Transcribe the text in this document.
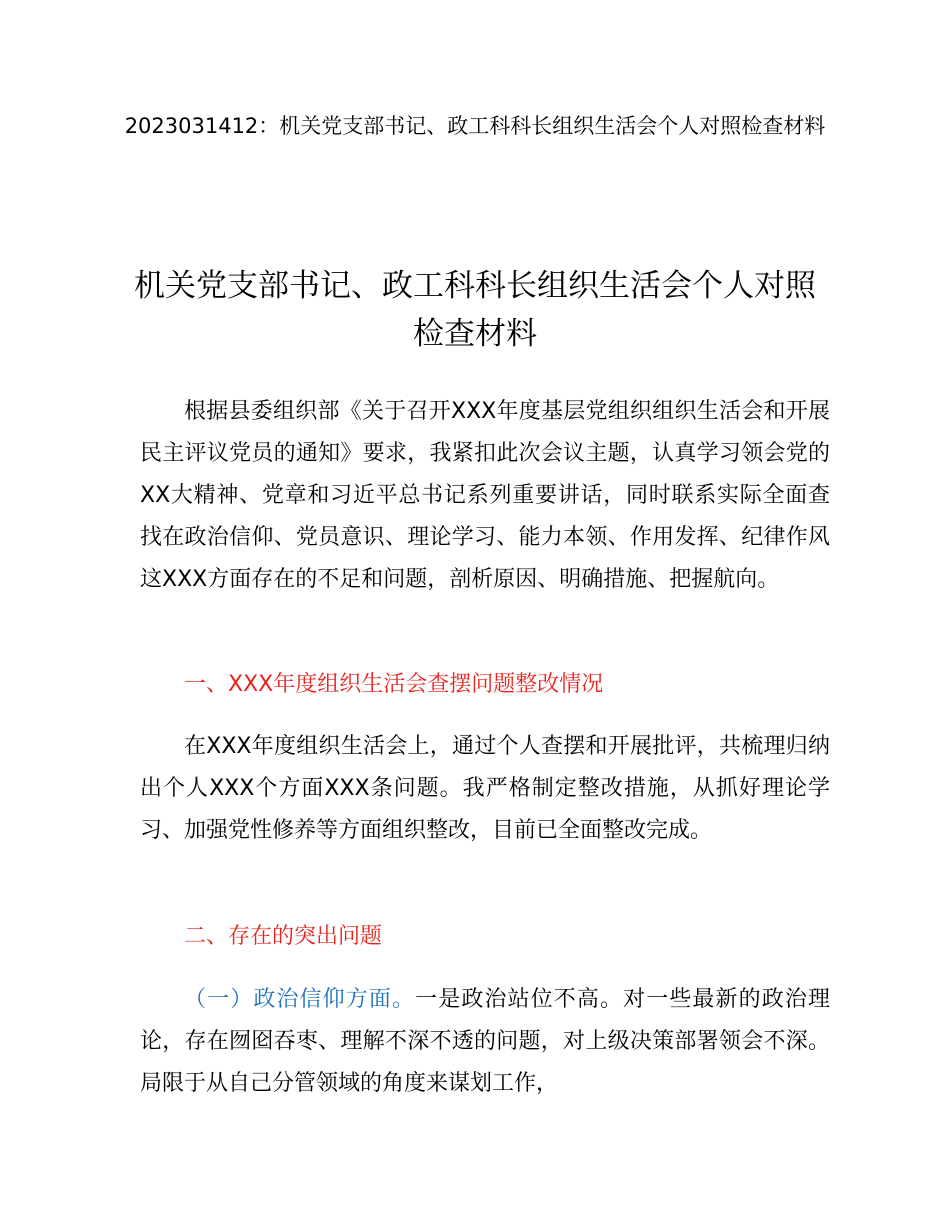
2023031412：机关党支部书记、政工科科长组织生活会个人对照检查材料
机关党支部书记、政工科科长组织生活会个人对照检查材料

根据县委组织部《关于召开XXX年度基层党组织组织生活会和开展民主评议党员的通知》要求，我紧扣此次会议主题，认真学习领会党的XX大精神、党章和习近平总书记系列重要讲话，同时联系实际全面查找在政治信仰、党员意识、理论学习、能力本领、作用发挥、纪律作风这XXX方面存在的不足和问题，剖析原因、明确措施、把握航向。

一、XXX年度组织生活会查摆问题整改情况

在XXX年度组织生活会上，通过个人查摆和开展批评，共梳理归纳出个人XXX个方面XXX条问题。我严格制定整改措施，从抓好理论学习、加强党性修养等方面组织整改，目前已全面整改完成。

二、存在的突出问题

（一）政治信仰方面。一是政治站位不高。对一些最新的政治理论，存在囫囵吞枣、理解不深不透的问题，对上级决策部署领会不深。局限于从自己分管领域的角度来谋划工作，
